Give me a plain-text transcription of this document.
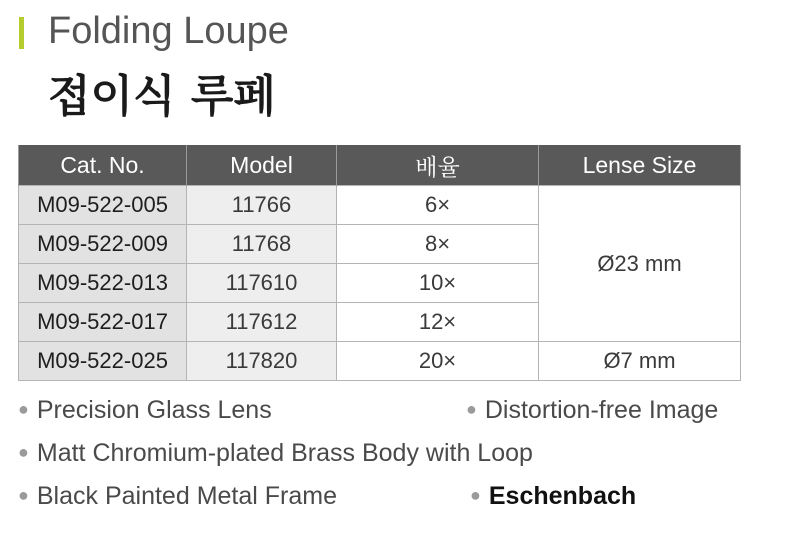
Folding Loupe
접이식 루페
Cat. No.	Model	배율	Lense Size
M09-522-005	11766	6×	Ø23 mm
M09-522-009	11768	8×	
M09-522-013	117610	10×	
M09-522-017	117612	12×	
M09-522-025	117820	20×	Ø7 mm
● Precision Glass Lens	● Distortion-free Image
● Matt Chromium-plated Brass Body with Loop
● Black Painted Metal Frame	● Eschenbach
